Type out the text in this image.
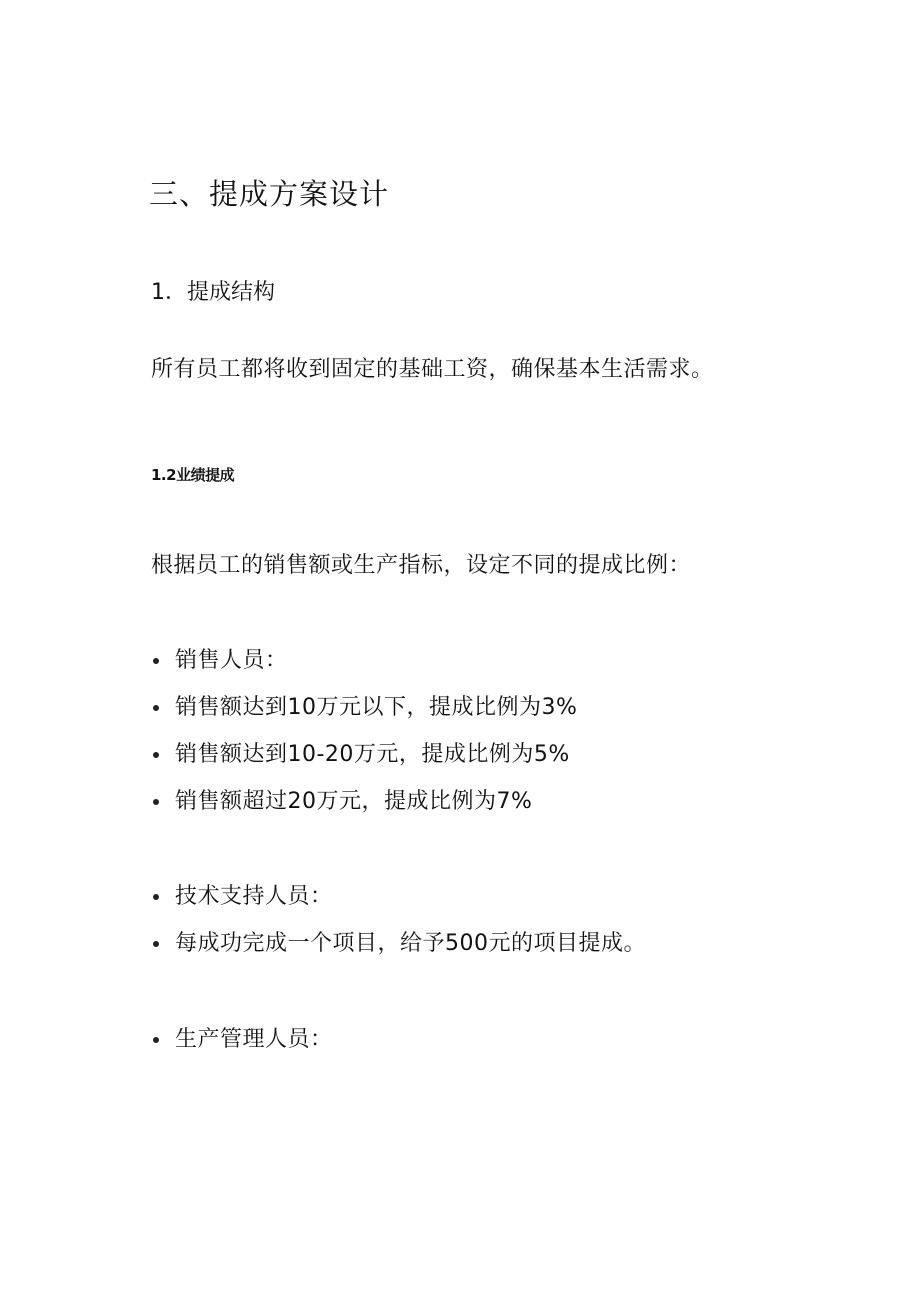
三、提成方案设计
1．提成结构
所有员工都将收到固定的基础工资，确保基本生活需求。
1.2业绩提成
根据员工的销售额或生产指标，设定不同的提成比例：
销售人员：
销售额达到10万元以下，提成比例为3%
销售额达到10-20万元，提成比例为5%
销售额超过20万元，提成比例为7%
技术支持人员：
每成功完成一个项目，给予500元的项目提成。
生产管理人员：
